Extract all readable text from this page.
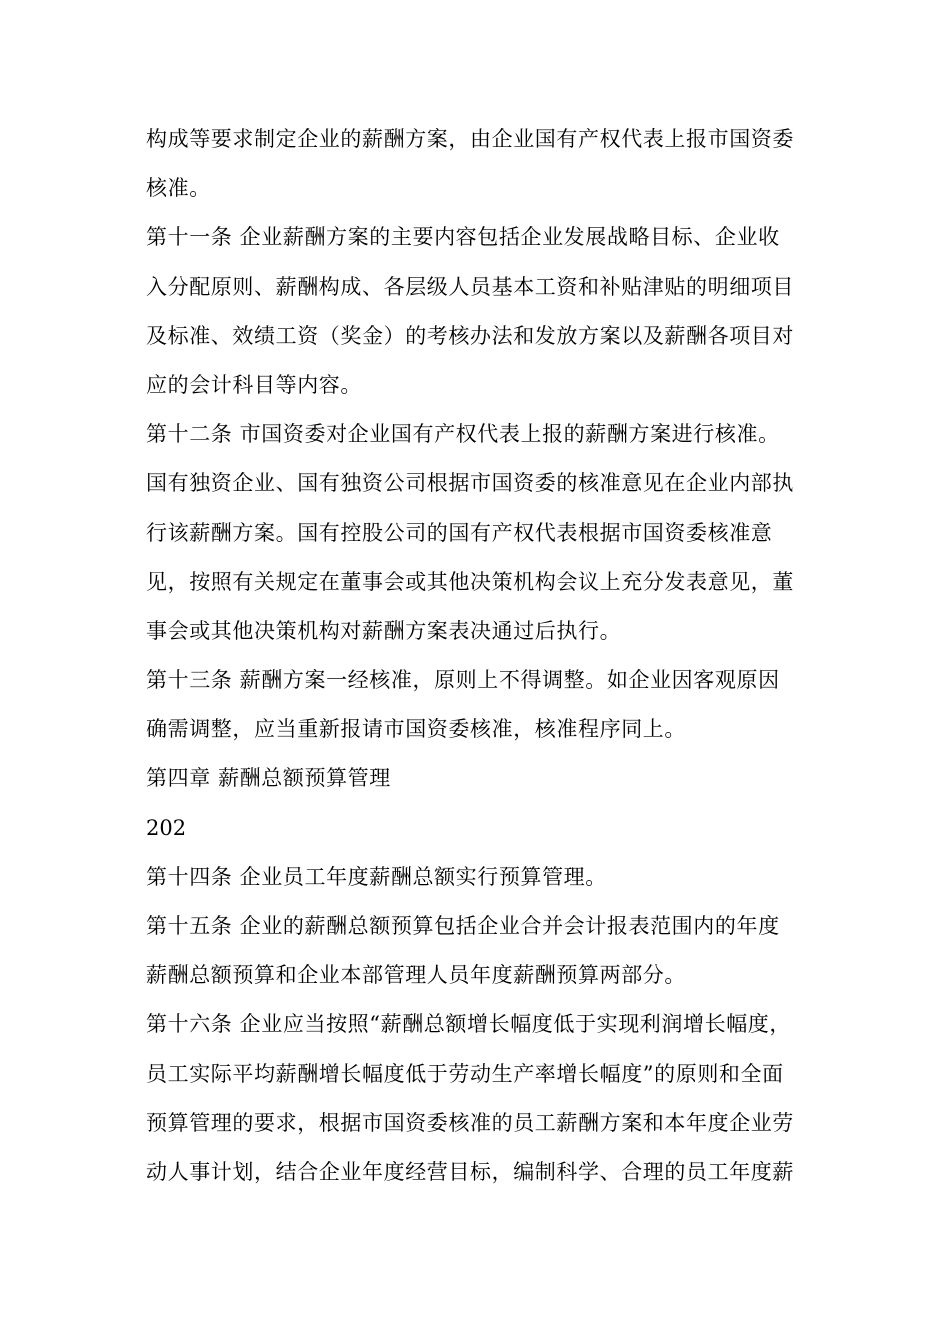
构成等要求制定企业的薪酬方案，由企业国有产权代表上报市国资委
核准。
第十一条 企业薪酬方案的主要内容包括企业发展战略目标、企业收
入分配原则、薪酬构成、各层级人员基本工资和补贴津贴的明细项目
及标准、效绩工资（奖金）的考核办法和发放方案以及薪酬各项目对
应的会计科目等内容。
第十二条 市国资委对企业国有产权代表上报的薪酬方案进行核准。
国有独资企业、国有独资公司根据市国资委的核准意见在企业内部执
行该薪酬方案。国有控股公司的国有产权代表根据市国资委核准意
见，按照有关规定在董事会或其他决策机构会议上充分发表意见，董
事会或其他决策机构对薪酬方案表决通过后执行。
第十三条 薪酬方案一经核准，原则上不得调整。如企业因客观原因
确需调整，应当重新报请市国资委核准，核准程序同上。
第四章 薪酬总额预算管理
202
第十四条 企业员工年度薪酬总额实行预算管理。
第十五条 企业的薪酬总额预算包括企业合并会计报表范围内的年度
薪酬总额预算和企业本部管理人员年度薪酬预算两部分。
第十六条 企业应当按照“薪酬总额增长幅度低于实现利润增长幅度，
员工实际平均薪酬增长幅度低于劳动生产率增长幅度”的原则和全面
预算管理的要求，根据市国资委核准的员工薪酬方案和本年度企业劳
动人事计划，结合企业年度经营目标，编制科学、合理的员工年度薪
